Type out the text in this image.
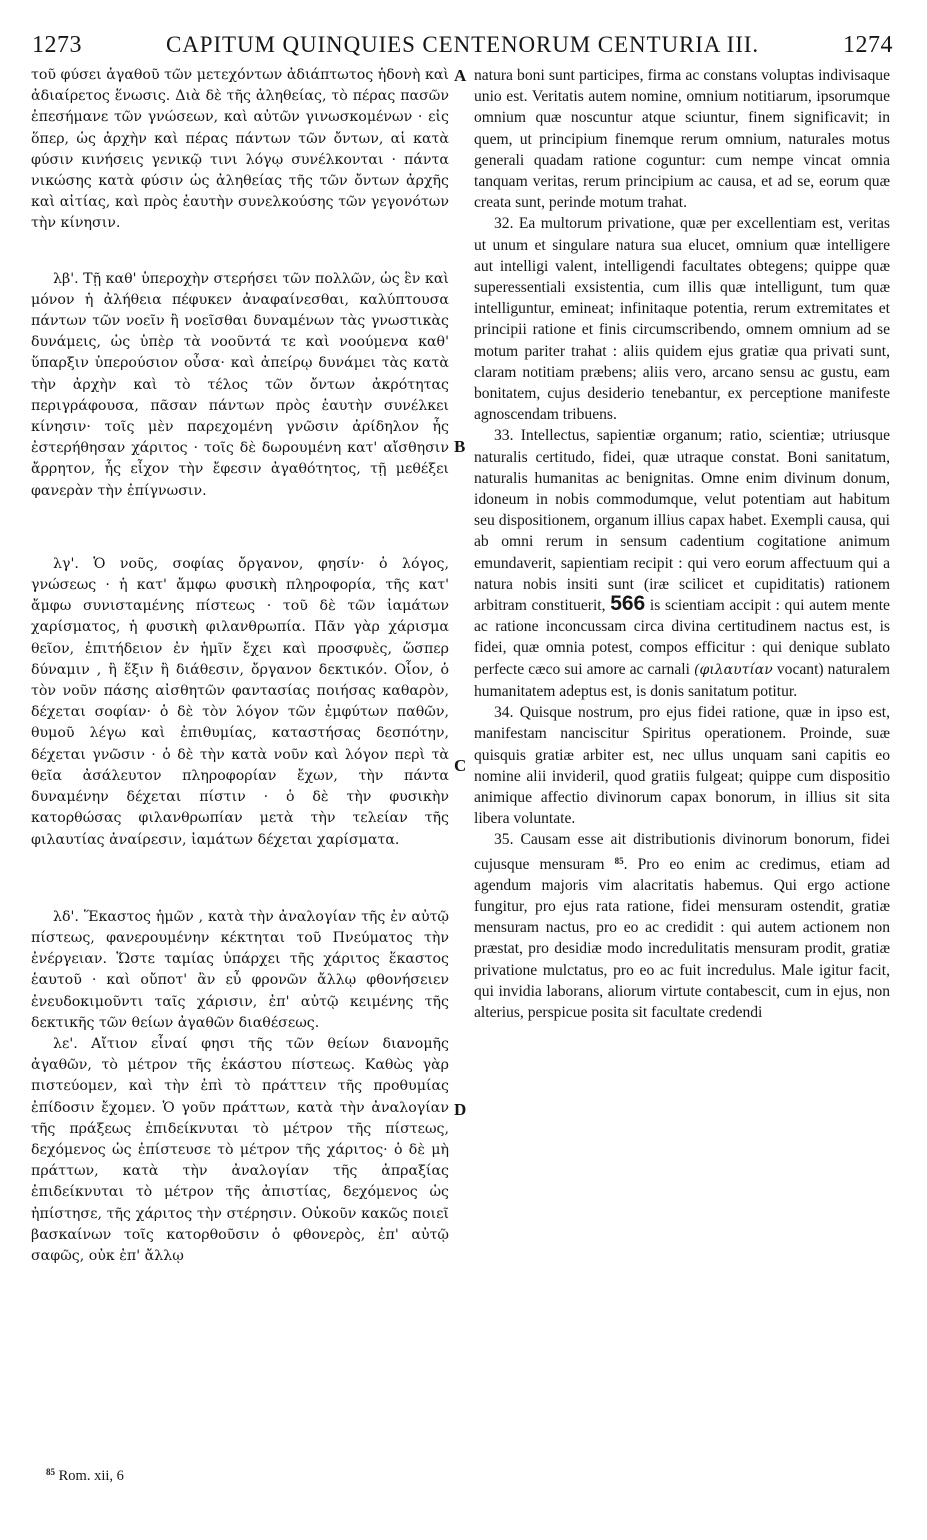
1273	CAPITUM QUINQUIES CENTENORUM CENTURIA III.	1274

τοῦ φύσει ἀγαθοῦ τῶν μετεχόντων ἀδιάπτωτος ἡδονὴ καὶ ἀδιαίρετος ἕνωσις. Διὰ δὲ τῆς ἀληθείας, τὸ πέρας πασῶν ἐπεσήμανε τῶν γνώσεων, καὶ αὐτῶν γινωσκομένων · εἰς ὅπερ, ὡς ἀρχὴν καὶ πέρας πάντων τῶν ὄντων, αἱ κατὰ φύσιν κινήσεις γενικῷ τινι λόγῳ συνέλκονται · πάντα νικώσης κατὰ φύσιν ὡς ἀληθείας τῆς τῶν ὄντων ἀρχῆς καὶ αἰτίας, καὶ πρὸς ἑαυτὴν συνελκούσης τῶν γεγονότων τὴν κίνησιν.

λβ'. Τῇ καθ' ὑπεροχὴν στερήσει τῶν πολλῶν, ὡς ἓν καὶ μόνον ἡ ἀλήθεια πέφυκεν ἀναφαίνεσθαι, καλύπτουσα πάντων τῶν νοεῖν ἢ νοεῖσθαι δυναμένων τὰς γνωστικὰς δυνάμεις, ὡς ὑπὲρ τὰ νοοῦντά τε καὶ νοούμενα καθ' ὕπαρξιν ὑπερούσιον οὖσα· καὶ ἀπείρῳ δυνάμει τὰς κατὰ τὴν ἀρχὴν καὶ τὸ τέλος τῶν ὄντων ἀκρότητας περιγράφουσα, πᾶσαν πάντων πρὸς ἑαυτὴν συνέλκει κίνησιν· τοῖς μὲν παρεχομένη γνῶσιν ἀρίδηλον ἧς ἐστερήθησαν χάριτος · τοῖς δὲ δωρουμένη κατ' αἴσθησιν ἄρρητον, ἧς εἶχον τὴν ἔφεσιν ἀγαθότητος, τῇ μεθέξει φανερὰν τὴν ἐπίγνωσιν.

λγ'. Ὁ νοῦς, σοφίας ὄργανον, φησίν· ὁ λόγος, γνώσεως · ἡ κατ' ἄμφω φυσικὴ πληροφορία, τῆς κατ' ἄμφω συνισταμένης πίστεως · τοῦ δὲ τῶν ἰαμάτων χαρίσματος, ἡ φυσικὴ φιλανθρωπία. Πᾶν γὰρ χάρισμα θεῖον, ἐπιτήδειον ἐν ἡμῖν ἔχει καὶ προσφυὲς, ὥσπερ δύναμιν , ἢ ἕξιν ἢ διάθεσιν, ὄργανον δεκτικόν. Οἷον, ὁ τὸν νοῦν πάσης αἰσθητῶν φαντασίας ποιήσας καθαρὸν, δέχεται σοφίαν· ὁ δὲ τὸν λόγον τῶν ἐμφύτων παθῶν, θυμοῦ λέγω καὶ ἐπιθυμίας, καταστήσας δεσπότην, δέχεται γνῶσιν · ὁ δὲ τὴν κατὰ νοῦν καὶ λόγον περὶ τὰ θεῖα ἀσάλευτον πληροφορίαν ἔχων, τὴν πάντα δυναμένην δέχεται πίστιν · ὁ δὲ τὴν φυσικὴν κατορθώσας φιλανθρωπίαν μετὰ τὴν τελείαν τῆς φιλαυτίας ἀναίρεσιν, ἰαμάτων δέχεται χαρίσματα.

λδ'. Ἕκαστος ἡμῶν , κατὰ τὴν ἀναλογίαν τῆς ἐν αὐτῷ πίστεως, φανερουμένην κέκτηται τοῦ Πνεύματος τὴν ἐνέργειαν. Ὥστε ταμίας ὑπάρχει τῆς χάριτος ἕκαστος ἑαυτοῦ · καὶ οὔποτ' ἂν εὖ φρονῶν ἄλλῳ φθονήσειεν ἐνευδοκιμοῦντι ταῖς χάρισιν, ἐπ' αὐτῷ κειμένης τῆς δεκτικῆς τῶν θείων ἀγαθῶν διαθέσεως.

λε'. Αἴτιον εἶναί φησι τῆς τῶν θείων διανομῆς ἀγαθῶν, τὸ μέτρον τῆς ἑκάστου πίστεως. Καθὼς γὰρ πιστεύομεν, καὶ τὴν ἐπὶ τὸ πράττειν τῆς προθυμίας ἐπίδοσιν ἔχομεν. Ὁ γοῦν πράττων, κατὰ τὴν ἀναλογίαν τῆς πράξεως ἐπιδείκνυται τὸ μέτρον τῆς πίστεως, δεχόμενος ὡς ἐπίστευσε τὸ μέτρον τῆς χάριτος· ὁ δὲ μὴ πράττων, κατὰ τὴν ἀναλογίαν τῆς ἀπραξίας ἐπιδείκνυται τὸ μέτρον τῆς ἀπιστίας, δεχόμενος ὡς ἠπίστησε, τῆς χάριτος τὴν στέρησιν. Οὐκοῦν κακῶς ποιεῖ βασκαίνων τοῖς κατορθοῦσιν ὁ φθονερὸς, ἐπ' αὐτῷ σαφῶς, οὐκ ἐπ' ἄλλῳ

A
B
C
D

natura boni sunt participes, firma ac constans voluptas indivisaque unio est. Veritatis autem nomine, omnium notitiarum, ipsorumque omnium quæ noscuntur atque sciuntur, finem significavit; in quem, ut principium finemque rerum omnium, naturales motus generali quadam ratione coguntur: cum nempe vincat omnia tanquam veritas, rerum principium ac causa, et ad se, eorum quæ creata sunt, perinde motum trahat.

32. Ea multorum privatione, quæ per excellentiam est, veritas ut unum et singulare natura sua elucet, omnium quæ intelligere aut intelligi valent, intelligendi facultates obtegens; quippe quæ superessentiali exsistentia, cum illis quæ intelligunt, tum quæ intelliguntur, emineat; infinitaque potentia, rerum extremitates et principii ratione et finis circumscribendo, omnem omnium ad se motum pariter trahat : aliis quidem ejus gratiæ qua privati sunt, claram notitiam præbens; aliis vero, arcano sensu ac gustu, eam bonitatem, cujus desiderio tenebantur, ex perceptione manifeste agnoscendam tribuens.

33. Intellectus, sapientiæ organum; ratio, scientiæ; utriusque naturalis certitudo, fidei, quæ utraque constat. Boni sanitatum, naturalis humanitas ac benignitas. Omne enim divinum donum, idoneum in nobis commodumque, velut potentiam aut habitum seu dispositionem, organum illius capax habet. Exempli causa, qui ab omni rerum in sensum cadentium cogitatione animum emundaverit, sapientiam recipit : qui vero eorum affectuum qui a natura nobis insiti sunt (iræ scilicet et cupiditatis) rationem arbitram constituerit, 566 is scientiam accipit : qui autem mente ac ratione inconcussam circa divina certitudinem nactus est, is fidei, quæ omnia potest, compos efficitur : qui denique sublato perfecte cæco sui amore ac carnali (φιλαυτίαν vocant) naturalem humanitatem adeptus est, is donis sanitatum potitur.

34. Quisque nostrum, pro ejus fidei ratione, quæ in ipso est, manifestam nanciscitur Spiritus operationem. Proinde, suæ quisquis gratiæ arbiter est, nec ullus unquam sani capitis eo nomine alii invideril, quod gratiis fulgeat; quippe cum dispositio animique affectio divinorum capax bonorum, in illius sit sita libera voluntate.

35. Causam esse ait distributionis divinorum bonorum, fidei cujusque mensuram $^{85}$. Pro eo enim ac credimus, etiam ad agendum majoris vim alacritatis habemus. Qui ergo actione fungitur, pro ejus rata ratione, fidei mensuram ostendit, gratiæ mensuram nactus, pro eo ac credidit : qui autem actionem non præstat, pro desidiæ modo incredulitatis mensuram prodit, gratiæ privatione mulctatus, pro eo ac fuit incredulus. Male igitur facit, qui invidia laborans, aliorum virtute contabescit, cum in ejus, non alterius, perspicue posita sit facultate credendi

$^{85}$ Rom. xii, 6
